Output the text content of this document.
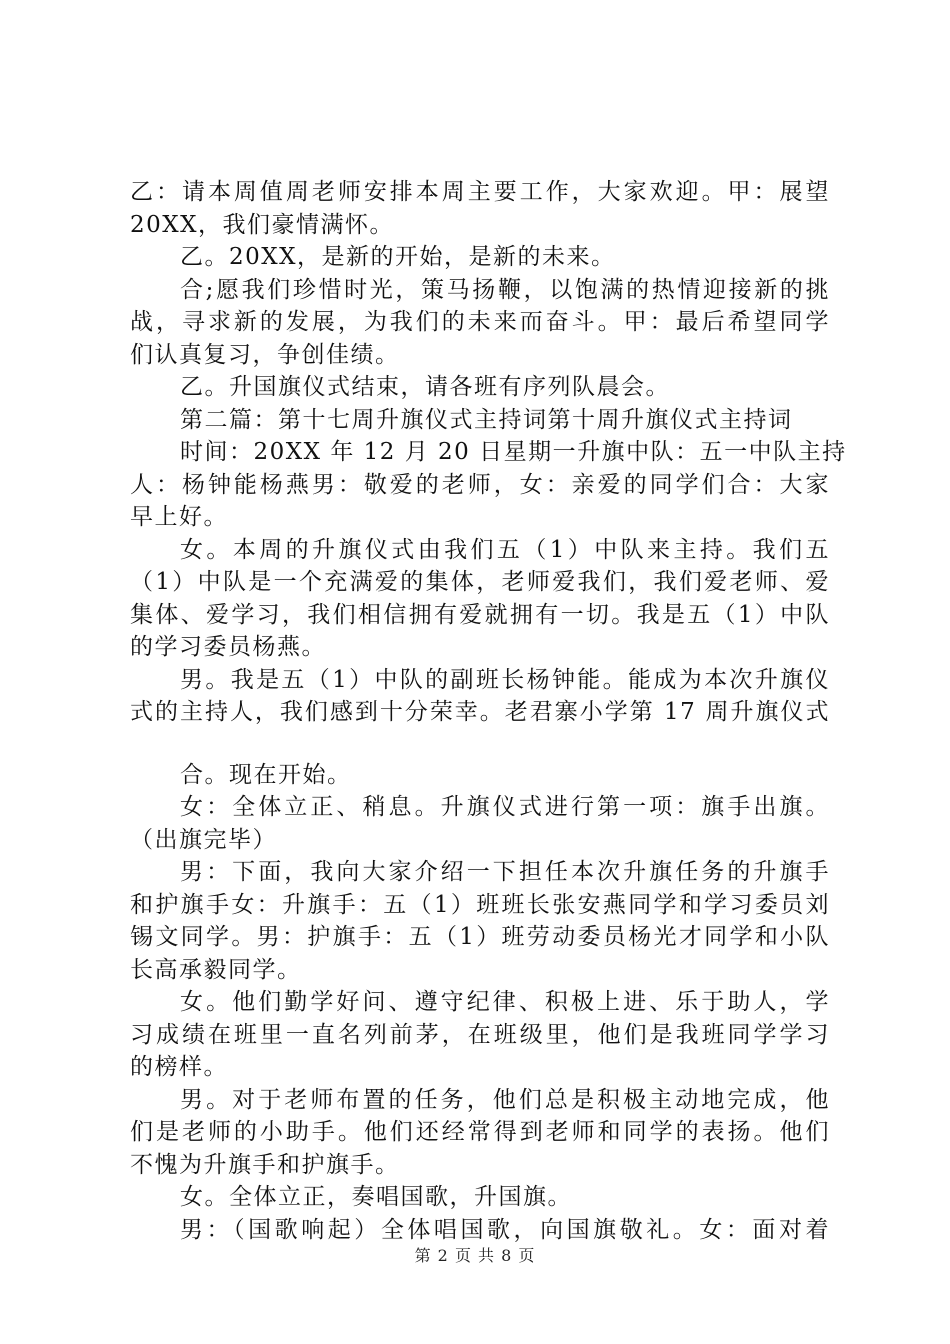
乙：请本周值周老师安排本周主要工作，大家欢迎。甲：展望

20XX，我们豪情满怀。

乙。20XX，是新的开始，是新的未来。

合;愿我们珍惜时光，策马扬鞭，以饱满的热情迎接新的挑

战，寻求新的发展，为我们的未来而奋斗。甲：最后希望同学

们认真复习，争创佳绩。

乙。升国旗仪式结束，请各班有序列队晨会。

第二篇：第十七周升旗仪式主持词第十周升旗仪式主持词

时间：20XX 年 12 月 20 日星期一升旗中队：五一中队主持

人：杨钟能杨燕男：敬爱的老师，女：亲爱的同学们合：大家

早上好。

女。本周的升旗仪式由我们五（1）中队来主持。我们五

（1）中队是一个充满爱的集体，老师爱我们，我们爱老师、爱

集体、爱学习，我们相信拥有爱就拥有一切。我是五（1）中队

的学习委员杨燕。

男。我是五（1）中队的副班长杨钟能。能成为本次升旗仪

式的主持人，我们感到十分荣幸。老君寨小学第 17 周升旗仪式

合。现在开始。

女：全体立正、稍息。升旗仪式进行第一项：旗手出旗。

（出旗完毕）

男：下面，我向大家介绍一下担任本次升旗任务的升旗手

和护旗手女：升旗手：五（1）班班长张安燕同学和学习委员刘

锡文同学。男：护旗手：五（1）班劳动委员杨光才同学和小队

长高承毅同学。

女。他们勤学好问、遵守纪律、积极上进、乐于助人，学

习成绩在班里一直名列前茅，在班级里，他们是我班同学学习

的榜样。

男。对于老师布置的任务，他们总是积极主动地完成，他

们是老师的小助手。他们还经常得到老师和同学的表扬。他们

不愧为升旗手和护旗手。

女。全体立正，奏唱国歌，升国旗。

男：（国歌响起）全体唱国歌，向国旗敬礼。女：面对着

第 2 页 共 8 页
